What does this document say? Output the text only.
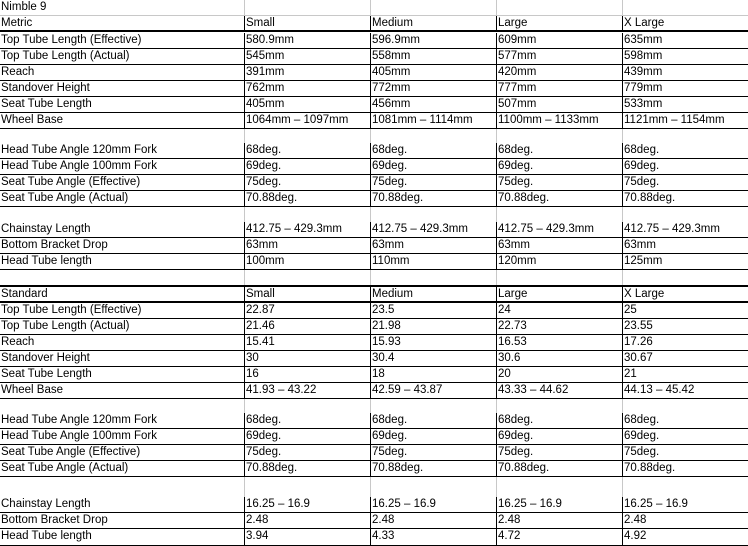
Nimble 9
Metric	Small	Medium	Large	X Large
Top Tube Length (Effective)	580.9mm	596.9mm	609mm	635mm
Top Tube Length (Actual)	545mm	558mm	577mm	598mm
Reach	391mm	405mm	420mm	439mm
Standover Height	762mm	772mm	777mm	779mm
Seat Tube Length	405mm	456mm	507mm	533mm
Wheel Base	1064mm – 1097mm	1081mm – 1114mm	1100mm – 1133mm	1121mm – 1154mm
Head Tube Angle 120mm Fork	68deg.	68deg.	68deg.	68deg.
Head Tube Angle 100mm Fork	69deg.	69deg.	69deg.	69deg.
Seat Tube Angle (Effective)	75deg.	75deg.	75deg.	75deg.
Seat Tube Angle (Actual)	70.88deg.	70.88deg.	70.88deg.	70.88deg.
Chainstay Length	412.75 – 429.3mm	412.75 – 429.3mm	412.75 – 429.3mm	412.75 – 429.3mm
Bottom Bracket Drop	63mm	63mm	63mm	63mm
Head Tube length	100mm	110mm	120mm	125mm
Standard	Small	Medium	Large	X Large
Top Tube Length (Effective)	22.87	23.5	24	25
Top Tube Length (Actual)	21.46	21.98	22.73	23.55
Reach	15.41	15.93	16.53	17.26
Standover Height	30	30.4	30.6	30.67
Seat Tube Length	16	18	20	21
Wheel Base	41.93 – 43.22	42.59 – 43.87	43.33 – 44.62	44.13 – 45.42
Head Tube Angle 120mm Fork	68deg.	68deg.	68deg.	68deg.
Head Tube Angle 100mm Fork	69deg.	69deg.	69deg.	69deg.
Seat Tube Angle (Effective)	75deg.	75deg.	75deg.	75deg.
Seat Tube Angle (Actual)	70.88deg.	70.88deg.	70.88deg.	70.88deg.
Chainstay Length	16.25 – 16.9	16.25 – 16.9	16.25 – 16.9	16.25 – 16.9
Bottom Bracket Drop	2.48	2.48	2.48	2.48
Head Tube length	3.94	4.33	4.72	4.92
